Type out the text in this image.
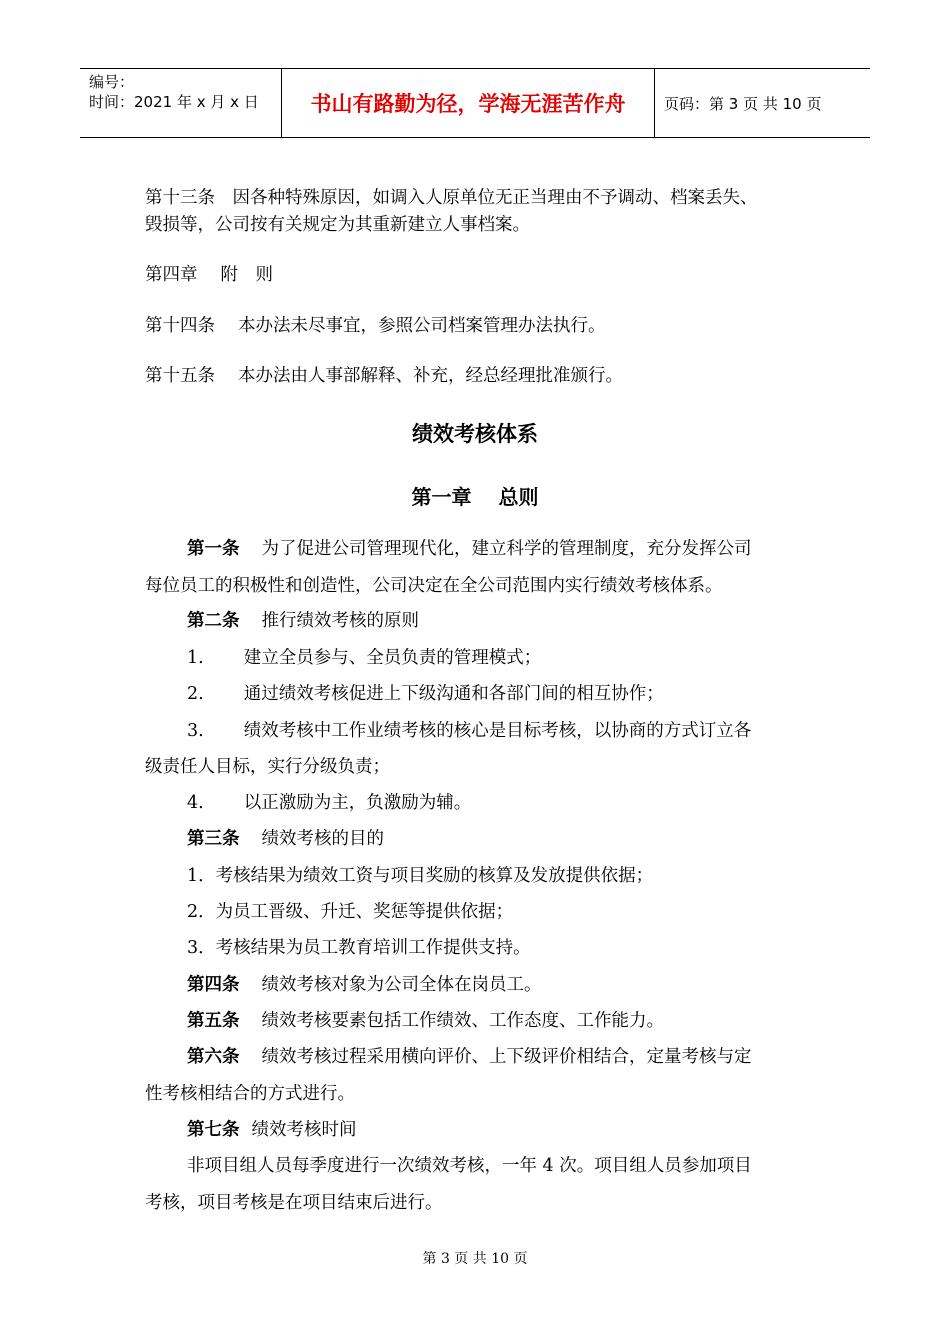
编号：
时间：2021 年 x 月 x 日	书山有路勤为径，学海无涯苦作舟	页码：第 3 页 共 10 页
第十三条　因各种特殊原因，如调入人原单位无正当理由不予调动、档案丢失、
毁损等，公司按有关规定为其重新建立人事档案。
第四章　 附　则
第十四条　 本办法未尽事宜，参照公司档案管理办法执行。
第十五条　 本办法由人事部解释、补充，经总经理批准颁行。
绩效考核体系
第一章　 总则
第一条 为了促进公司管理现代化，建立科学的管理制度，充分发挥公司
每位员工的积极性和创造性，公司决定在全公司范围内实行绩效考核体系。
第二条 推行绩效考核的原则
1. 建立全员参与、全员负责的管理模式；
2. 通过绩效考核促进上下级沟通和各部门间的相互协作；
3. 绩效考核中工作业绩考核的核心是目标考核，以协商的方式订立各
级责任人目标，实行分级负责；
4. 以正激励为主，负激励为辅。
第三条 绩效考核的目的
1．考核结果为绩效工资与项目奖励的核算及发放提供依据；
2．为员工晋级、升迁、奖惩等提供依据；
3．考核结果为员工教育培训工作提供支持。
第四条 绩效考核对象为公司全体在岗员工。
第五条 绩效考核要素包括工作绩效、工作态度、工作能力。
第六条 绩效考核过程采用横向评价、上下级评价相结合，定量考核与定
性考核相结合的方式进行。
第七条 绩效考核时间
非项目组人员每季度进行一次绩效考核，一年 4 次。项目组人员参加项目
考核，项目考核是在项目结束后进行。
第 3 页 共 10 页
